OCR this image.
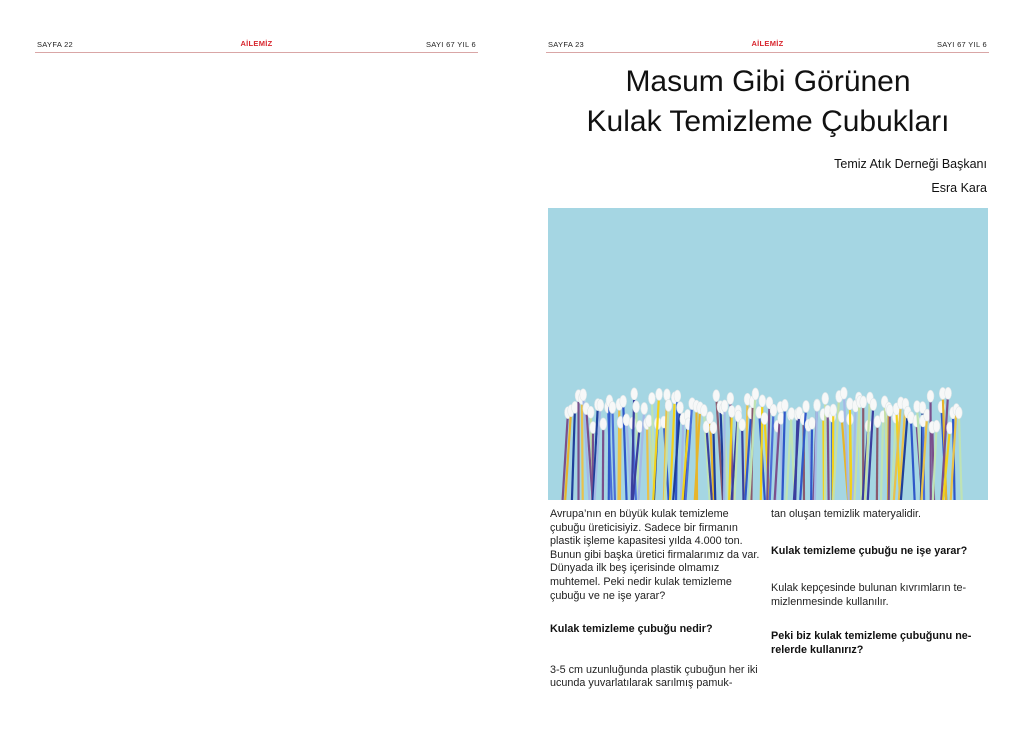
SAYFA 22	AİLEMİZ	SAYI 67 YIL 6	SAYFA 23	AİLEMİZ	SAYI 67 YIL 6
Masum Gibi Görünen
Kulak Temizleme Çubukları
Temiz Atık Derneği Başkanı
Esra Kara

Avrupa’nın en büyük kulak temizleme çubuğu üreticisiyiz. Sadece bir firmanın plastik işleme kapasitesi yılda 4.000 ton. Bunun gibi başka üretici firmalarımız da var. Dünyada ilk beş içerisinde olmamız muhtemel. Peki nedir kulak temizleme çubuğu ve ne işe yarar?

Kulak temizleme çubuğu nedir?

3-5 cm uzunluğunda plastik çubuğun her iki ucunda yuvarlatılarak sarılmış pamuk-

tan oluşan temizlik materyalidir.

Kulak temizleme çubuğu ne işe yarar?

Kulak kepçesinde bulunan kıvrımların te-mizlenmesinde kullanılır.

Peki biz kulak temizleme çubuğunu ne-relerde kullanırız?
